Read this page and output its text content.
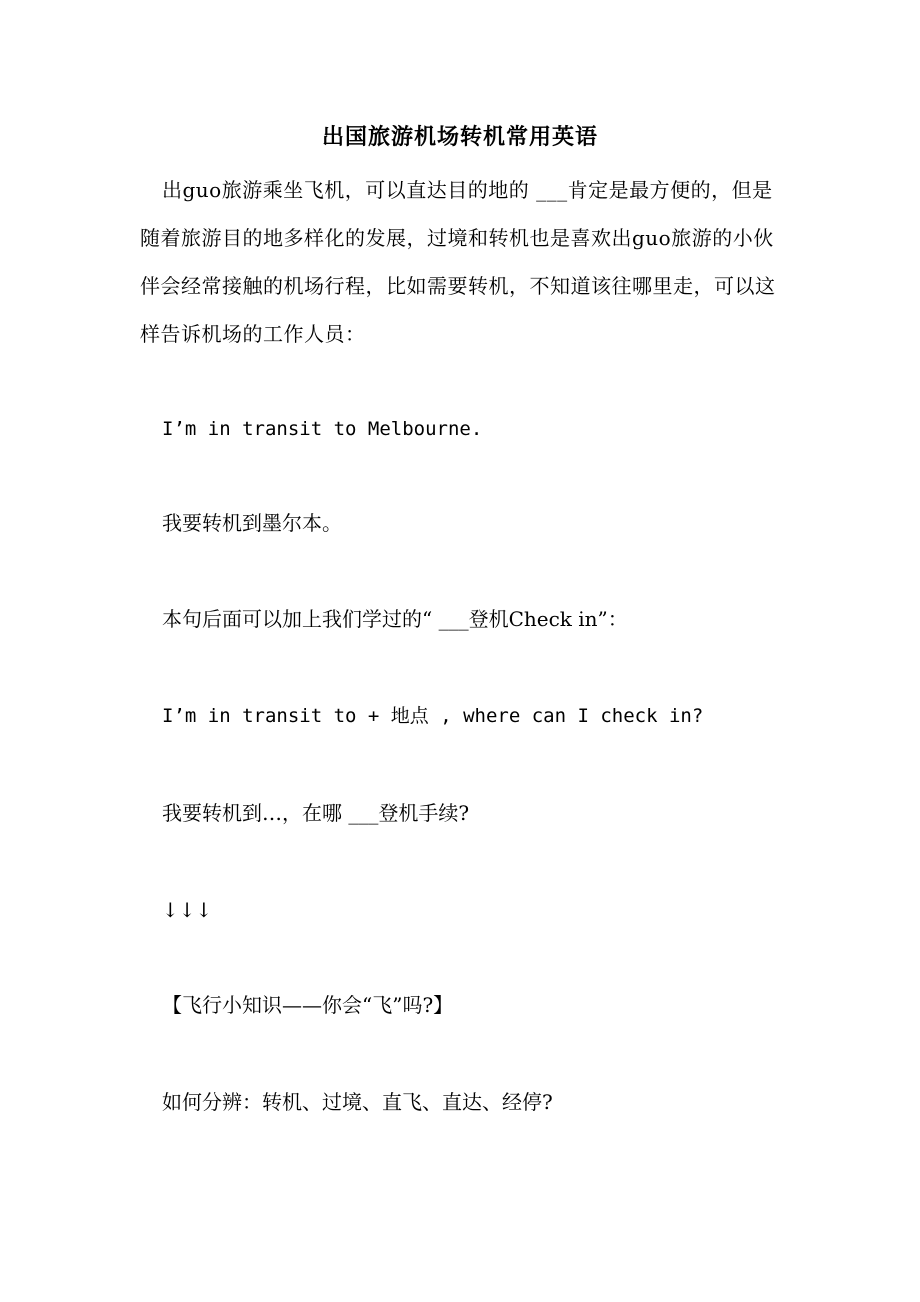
出国旅游机场转机常用英语

出guo旅游乘坐飞机，可以直达目的地的 ___肯定是最方便的，但是随着旅游目的地多样化的发展，过境和转机也是喜欢出guo旅游的小伙伴会经常接触的机场行程，比如需要转机，不知道该往哪里走，可以这样告诉机场的工作人员：

I’m in transit to Melbourne.

我要转机到墨尔本。

本句后面可以加上我们学过的“ ___登机Check in”：

I’m in transit to + 地点 , where can I check in?

我要转机到…，在哪 ___登机手续?

↓↓↓

【飞行小知识——你会“飞”吗?】

如何分辨：转机、过境、直飞、直达、经停?
